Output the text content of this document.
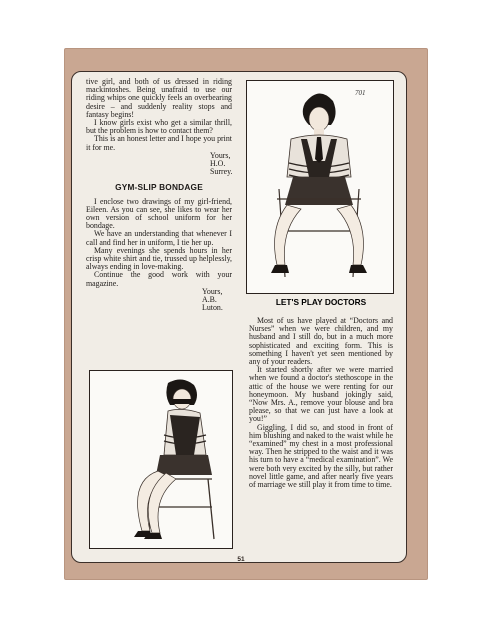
tive girl, and both of us dressed in riding mackintoshes. Being unafraid to use our riding whips one quickly feels an overbearing desire – and suddenly reality stops and fantasy begins!

I know girls exist who get a similar thrill, but the problem is how to contact them?

This is an honest letter and I hope you print it for me.

Yours,

H.O.

Surrey.

GYM-SLIP BONDAGE

I enclose two drawings of my girl-friend, Eileen. As you can see, she likes to wear her own version of school uniform for her bondage.

We have an understanding that whenever I call and find her in uniform, I tie her up.

Many evenings she spends hours in her crisp white shirt and tie, trussed up helplessly, always ending in love-making.

Continue the good work with your magazine.

Yours,

A.B.

Luton.

701
LET'S PLAY DOCTORS

Most of us have played at “Doctors and Nurses” when we were children, and my husband and I still do, but in a much more sophisticated and exciting form. This is something I haven't yet seen mentioned by any of your readers.

It started shortly after we were married when we found a doctor's stethoscope in the attic of the house we were renting for our honeymoon. My husband jokingly said, “Now Mrs. A., remove your blouse and bra please, so that we can just have a look at you!”

Giggling, I did so, and stood in front of him blushing and naked to the waist while he “examined” my chest in a most professional way. Then he stripped to the waist and it was his turn to have a “medical examination”. We were both very excited by the silly, but rather novel little game, and after nearly five years of marriage we still play it from time to time.

51
